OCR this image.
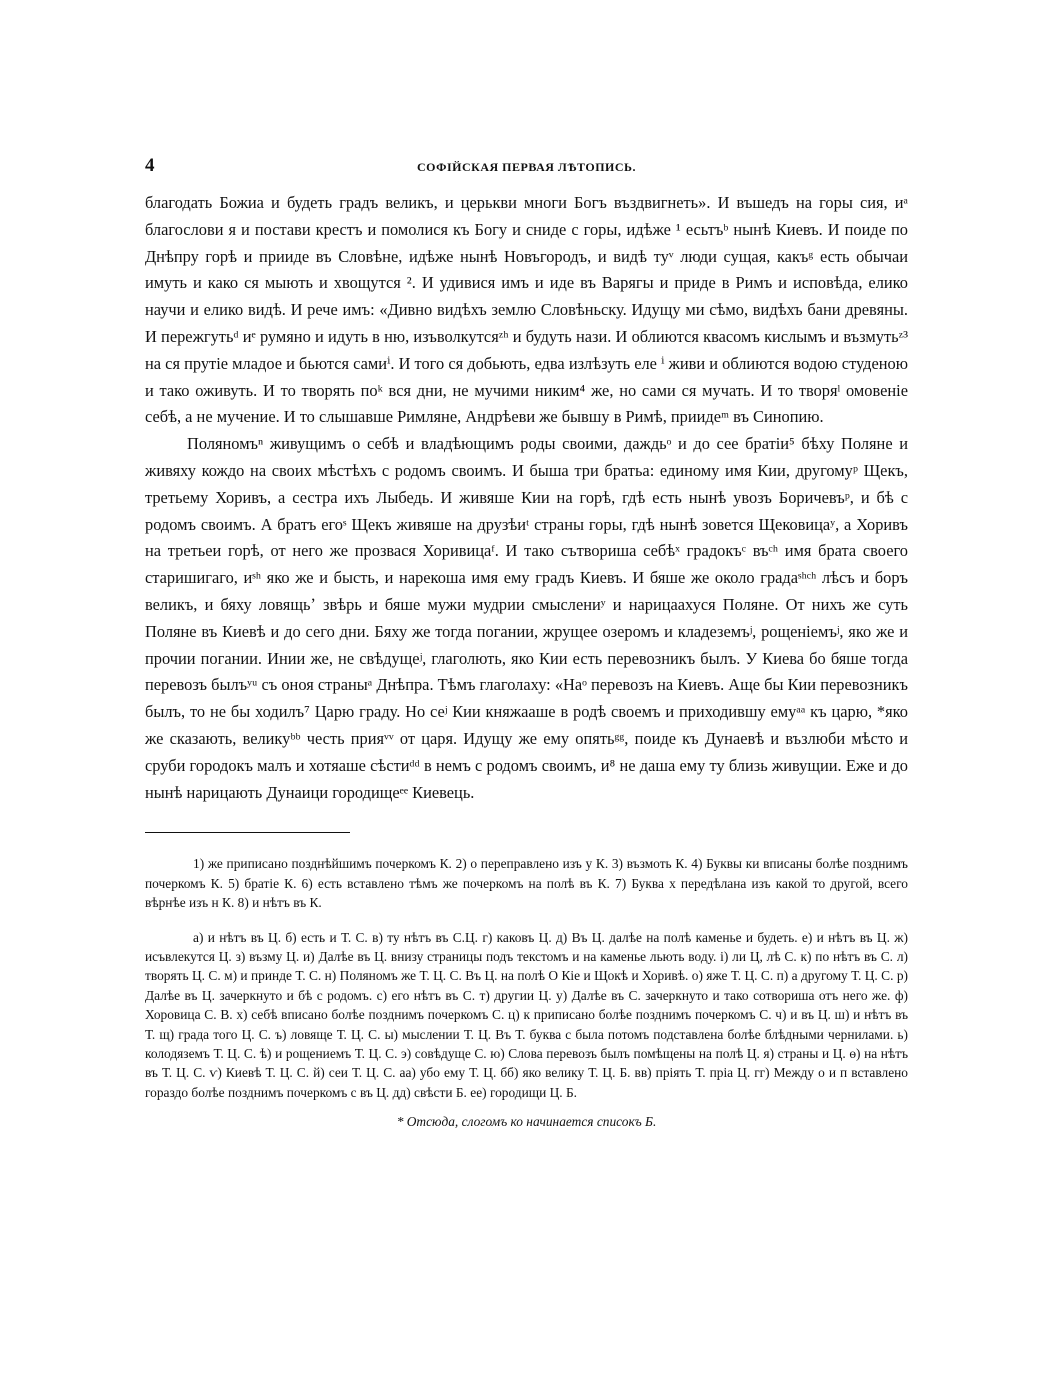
4	СОФІЙСКАЯ ПЕРВАЯ ЛѢТОПИСЬ.

благодать Божиа и будеть градъ великъ, и церькви многи Богъ въздвигнеть». И въшедъ на горы сия, иᵃ благослови я и постави крестъ и помолися къ Богу и сниде с горы, идѣже ¹ есьтъᵇ нынѣ Киевъ. И поиде по Днѣпру горѣ и прииде въ Словѣне, идѣже нынѣ Новъгородъ, и видѣ туᵛ люди сущая, какъᵍ есть обычаи имуть и како ся мыють и хвощутся ². И удивися имъ и иде въ Варягы и приде в Римъ и исповѣда, елико научи и елико видѣ. И рече имъ: «Дивно видѣхъ землю Словѣньску. Идущу ми сѣмо, видѣхъ бани древяны. И пережгутьᵈ иᵉ румяно и идуть в ню, изъволкутсяᶻʰ и будуть нази. И облиются квасомъ кислымъ и възмутьᶻ³ на ся прутіе младое и бьются самиⁱ. И того ся добьють, едва излѣзуть еле ⁱ живи и облиются водою студеною и тако оживуть. И то творять поᵏ вся дни, не мучими никим⁴ же, но сами ся мучать. И то творяˡ омовеніе себѣ, а не мучение. И то слышавше Римляне, Андрѣеви же бывшу в Римѣ, приидеᵐ въ Синопию.

Поляномъⁿ живущимъ о себѣ и владѣющимъ роды своими, даждьᵒ и до сее братіи⁵ бѣху Поляне и живяху кождо на своих мѣстѣхъ с родомъ своимъ. И быша три братьа: единому имя Кии, другомуᵖ Щекъ, третьему Хоривъ, а сестра ихъ Лыбедь. И живяше Кии на горѣ, гдѣ есть нынѣ увозъ Боричевъᵖ, и бѣ с родомъ своимъ. А братъ егоˢ Щекъ живяше на друзѣиᵗ страны горы, гдѣ нынѣ зовется Щековицаʸ, а Хоривъ на третьеи горѣ, от него же прозвася Хоривицаᶠ. И тако сътвориша себѣˣ градокъᶜ въᶜʰ имя брата своего старишигаго, иˢʰ яко же и бысть, и нарекоша имя ему градъ Киевъ. И бяше же около градаˢʰᶜʰ лѣсъ и боръ великъ, и бяху ловящьʼ звѣрь и бяше мужи мудрии смыслениʸ и нарицаахуся Поляне. От нихъ же суть Поляне въ Киевѣ и до сего дни. Бяху же тогда погании, жрущее озеромъ и кладеземъʲ, рощеніемъʲ, яко же и прочии погании. Инии же, не свѣдущеʲ, глаголють, яко Кии есть перевозникъ былъ. У Киева бо бяше тогда перевозъ былъʸᵘ съ оноя страныᵃ Днѣпра. Тѣмъ глаголаху: «Наᵒ перевозъ на Киевъ. Аще бы Кии перевозникъ былъ, то не бы ходилъ⁷ Царю граду. Но сеʲ Кии княжааше в родѣ своемъ и приходившу емуᵃᵃ къ царю, *яко же сказають, великуᵇᵇ честь прияᵛᵛ от царя. Идущу же ему опятьᵍᵍ, поиде къ Дунаевѣ и възлюби мѣсто и сруби городокъ малъ и хотяаше сѣстиᵈᵈ в немъ с родомъ своимъ, и⁸ не даша ему ту близь живущии. Еже и до нынѣ нарицають Дунаици городищеᵉᵉ Киевець.

1) же приписано позднѣйшимъ почеркомъ К. 2) о переправлено изъ у К. 3) възмоть К. 4) Буквы ки вписаны болѣе позднимъ почеркомъ К. 5) братіе К. 6) есть вставлено тѣмъ же почеркомъ на полѣ въ К. 7) Буква х передѣлана изъ какой то другой, всего вѣрнѣе изъ н К. 8) и нѣтъ въ К.

а) и нѣтъ въ Ц. б) есть и Т. С. в) ту нѣтъ въ С.Ц. г) каковъ Ц. д) Въ Ц. далѣе на полѣ каменье и будеть. е) и нѣтъ въ Ц. ж) исъвлекутся Ц. з) възму Ц. и) Далѣе въ Ц. внизу страницы подъ текстомъ и на каменье льють воду. і) ли Ц, лѣ С. к) по нѣтъ въ С. л) творять Ц. С. м) и приндe Т. С. н) Поляномъ же Т. Ц. С. Въ Ц. на полѣ О Кіе и Щокѣ и Хоривѣ. о) яже Т. Ц. С. п) а другому Т. Ц. С. р) Далѣе въ Ц. зачеркнуто и бѣ с родомъ. с) его нѣтъ въ С. т) другии Ц. у) Далѣе въ С. зачеркнуто и тако сотвориша отъ него же. ф) Хоровица С. В. х) себѣ вписано болѣе позднимъ почеркомъ С. ц) к приписано болѣе позднимъ почеркомъ С. ч) и въ Ц. ш) и нѣтъ въ Т. щ) града того Ц. С. ъ) ловяще Т. Ц. С. ы) мыслении Т. Ц. Въ Т. буква с была потомъ подставлена болѣе блѣдными чернилами. ь) колодяземъ Т. Ц. С. ѣ) и рощениемъ Т. Ц. С. э) совѣдуще С. ю) Слова перевозъ былъ помѣщены на полѣ Ц. я) страны и Ц. ѳ) на нѣтъ въ Т. Ц. С. ѵ) Киевѣ Т. Ц. С. й) сеи Т. Ц. С. аа) убо ему Т. Ц. бб) яко велику Т. Ц. Б. вв) прiять Т. пріа Ц. гг) Между о и п вставлено гораздо болѣе позднимъ почеркомъ с въ Ц. дд) свѣсти Б. ее) городищи Ц. Б.

* Отсюда, слогомъ ко начинается списокъ Б.
